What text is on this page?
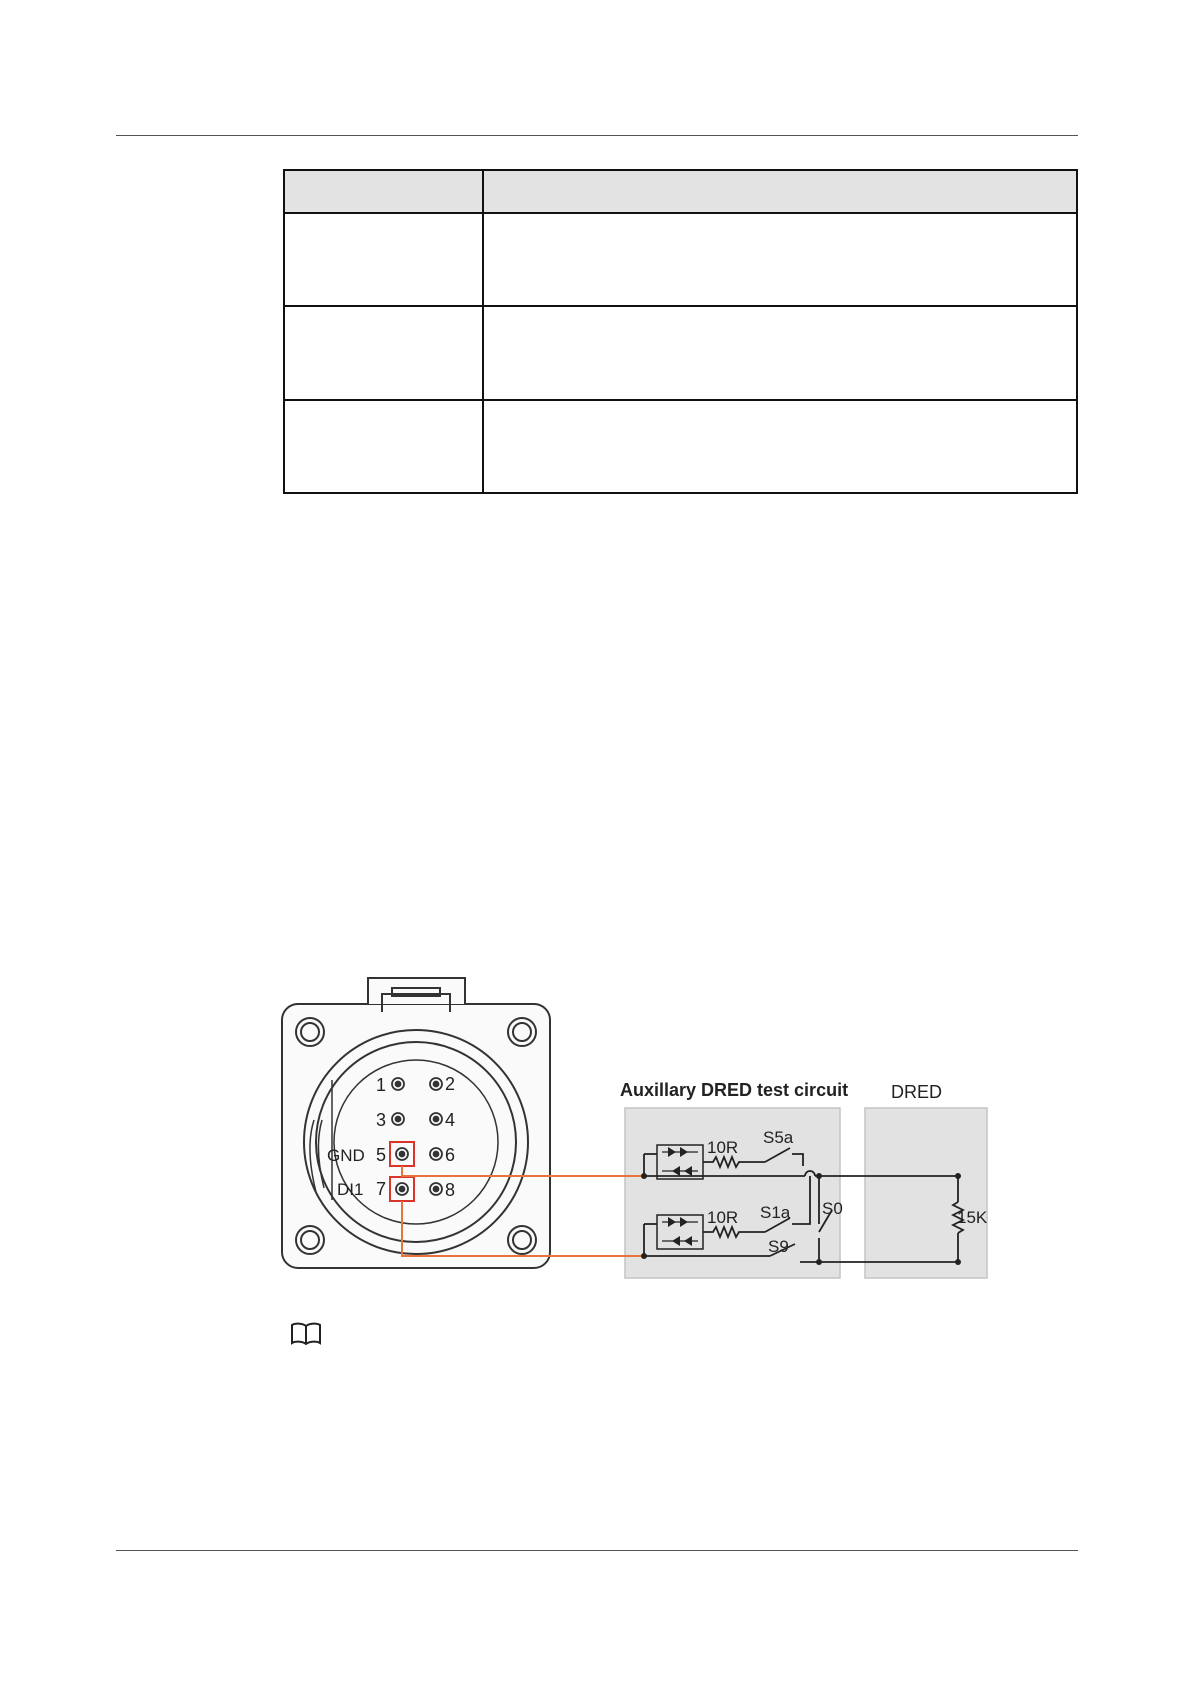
1	2
3	4
5	6
7	8
GND
DI1
Auxillary DRED test circuit DRED
10R
10R
S5a
S1a S0
S9
15K
